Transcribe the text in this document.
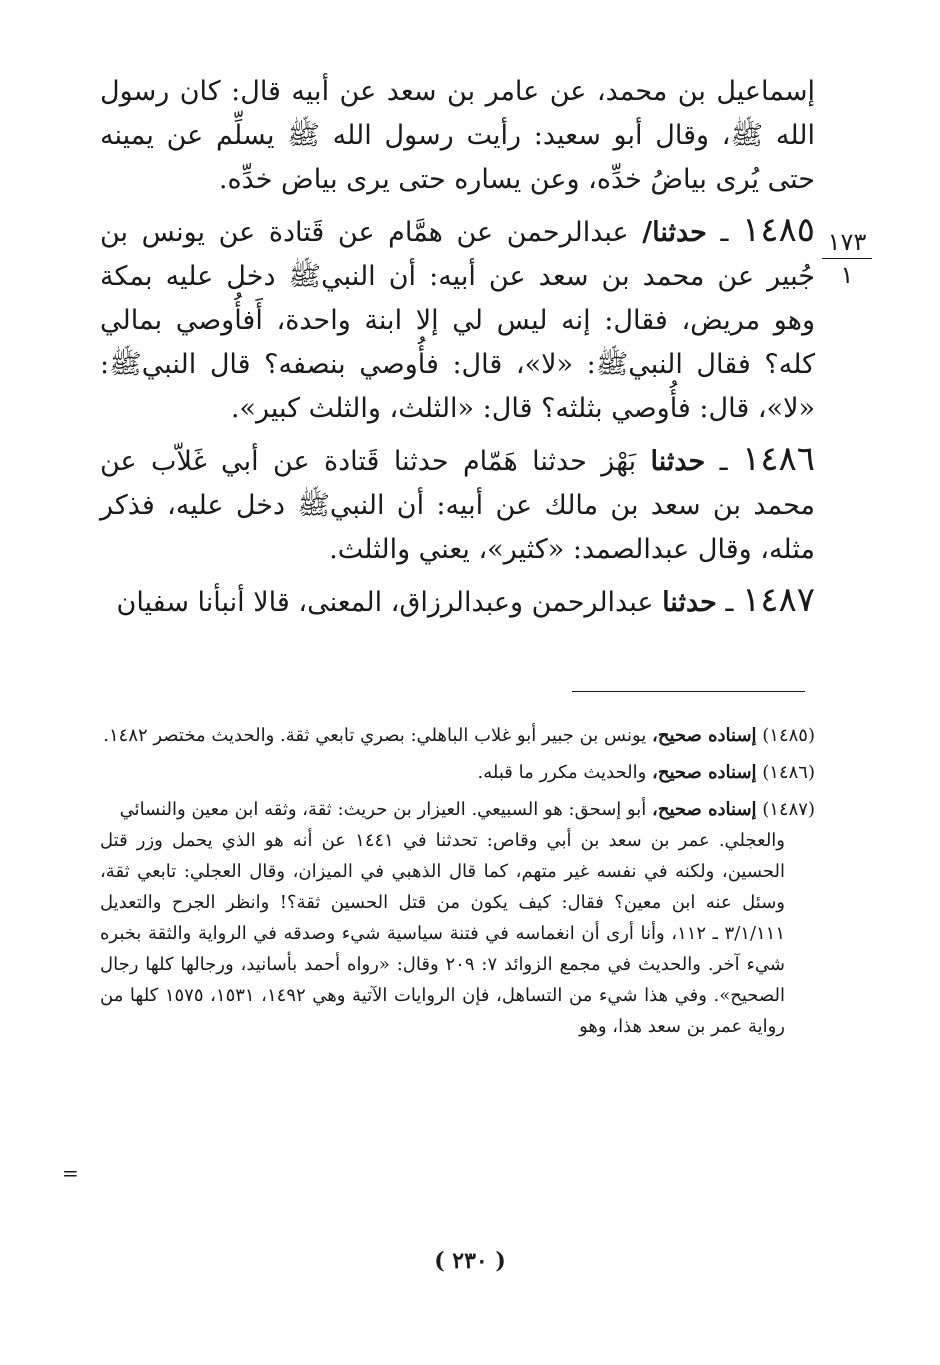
١٧٣
١

إسماعيل بن محمد، عن عامر بن سعد عن أبيه قال: كان رسول الله ﷺ، وقال أبو سعيد: رأيت رسول الله ﷺ يسلِّم عن يمينه حتى يُرى بياضُ خدِّه، وعن يساره حتى يرى بياض خدِّه.

١٤٨٥ ـ حدثنا/ عبدالرحمن عن همَّام عن قَتادة عن يونس بن جُبير عن محمد بن سعد عن أبيه: أن النبيﷺ دخل عليه بمكة وهو مريض، فقال: إنه ليس لي إلا ابنة واحدة، أَفأُوصي بمالي كله؟ فقال النبيﷺ: «لا»، قال: فأُوصي بنصفه؟ قال النبيﷺ: «لا»، قال: فأُوصي بثلثه؟ قال: «الثلث، والثلث كبير».

١٤٨٦ ـ حدثنا بَهْز حدثنا هَمّام حدثنا قَتادة عن أبي غَلاّب عن محمد بن سعد بن مالك عن أبيه: أن النبيﷺ دخل عليه، فذكر مثله، وقال عبدالصمد: «كثير»، يعني والثلث.

١٤٨٧ ـ حدثنا عبدالرحمن وعبدالرزاق، المعنى، قالا أنبأنا سفيان

(١٤٨٥) إسناده صحيح، يونس بن جبير أبو غلاب الباهلي: بصري تابعي ثقة. والحديث مختصر ١٤٨٢.

(١٤٨٦) إسناده صحيح، والحديث مكرر ما قبله.

(١٤٨٧) إسناده صحيح، أبو إسحق: هو السبيعي. العيزار بن حريث: ثقة، وثقه ابن معين والنسائي

والعجلي. عمر بن سعد بن أبي وقاص: تحدثنا في ١٤٤١ عن أنه هو الذي يحمل وزر قتل الحسين، ولكنه في نفسه غير متهم، كما قال الذهبي في الميزان، وقال العجلي: تابعي ثقة، وسئل عنه ابن معين؟ فقال: كيف يكون من قتل الحسين ثقة؟! وانظر الجرح والتعديل ٣/١/١١١ ـ ١١٢، وأنا أرى أن انغماسه في فتنة سياسية شيء وصدقه في الرواية والثقة بخبره شيء آخر. والحديث في مجمع الزوائد ٧: ٢٠٩ وقال: «رواه أحمد بأسانيد، ورجالها كلها رجال الصحيح». وفي هذا شيء من التساهل، فإن الروايات الآتية وهي ١٤٩٢، ١٥٣١، ١٥٧٥ كلها من رواية عمر بن سعد هذا، وهو

=
( ٢٣٠ )
